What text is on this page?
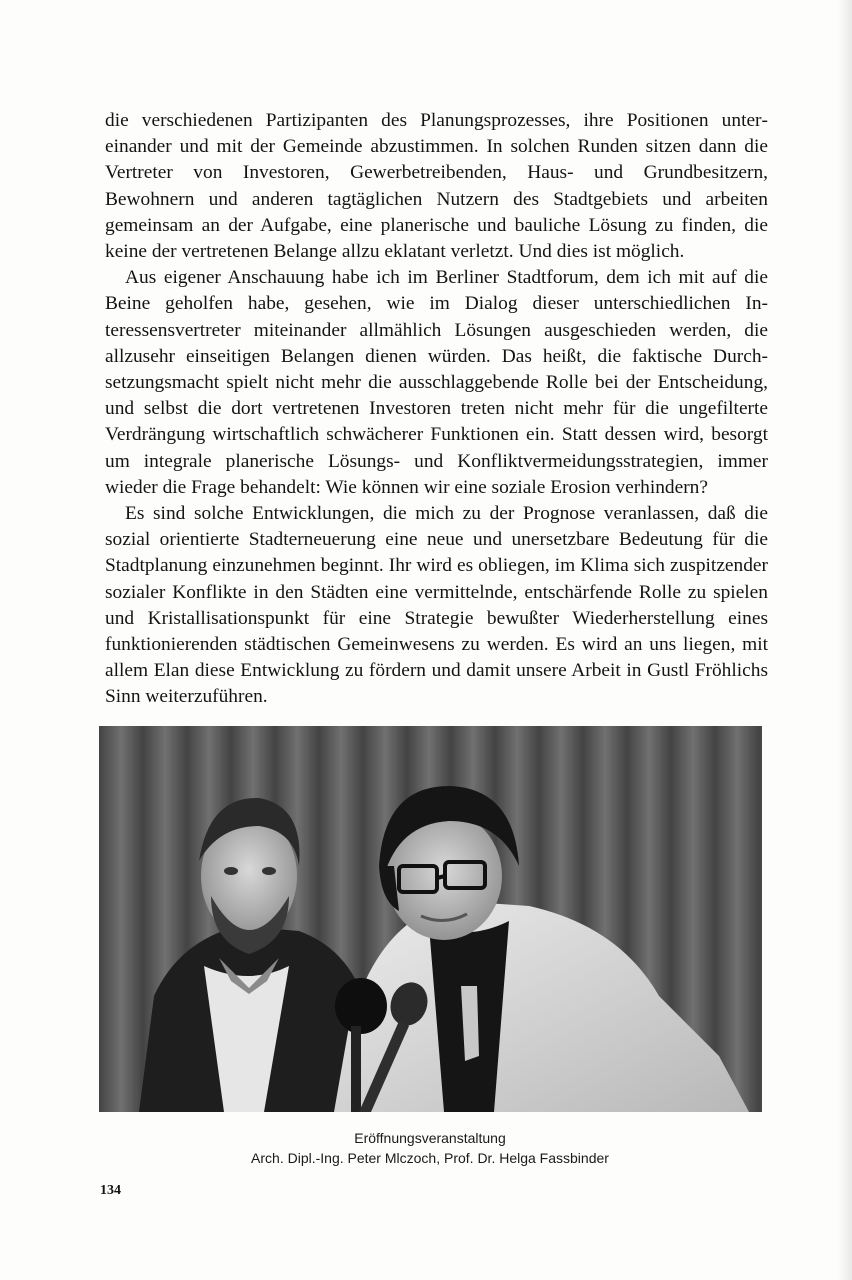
die verschiedenen Partizipanten des Planungsprozesses, ihre Positionen untereinander und mit der Gemeinde abzustimmen. In solchen Runden sitzen dann die Vertreter von Investoren, Gewerbetreibenden, Haus- und Grundbesitzern, Bewohnern und anderen tagtäglichen Nutzern des Stadtgebiets und arbeiten gemeinsam an der Aufgabe, eine planerische und bauliche Lösung zu finden, die keine der vertretenen Belange allzu eklatant verletzt. Und dies ist möglich.

Aus eigener Anschauung habe ich im Berliner Stadtforum, dem ich mit auf die Beine geholfen habe, gesehen, wie im Dialog dieser unterschiedlichen Interessensvertreter miteinander allmählich Lösungen ausgeschieden werden, die allzusehr einseitigen Belangen dienen würden. Das heißt, die faktische Durchsetzungsmacht spielt nicht mehr die ausschlaggebende Rolle bei der Entscheidung, und selbst die dort vertretenen Investoren treten nicht mehr für die ungefilterte Verdrängung wirtschaftlich schwächerer Funktionen ein. Statt dessen wird, besorgt um integrale planerische Lösungs- und Konfliktvermeidungsstrategien, immer wieder die Frage behandelt: Wie können wir eine soziale Erosion verhindern?

Es sind solche Entwicklungen, die mich zu der Prognose veranlassen, daß die sozial orientierte Stadterneuerung eine neue und unersetzbare Bedeutung für die Stadtplanung einzunehmen beginnt. Ihr wird es obliegen, im Klima sich zuspitzender sozialer Konflikte in den Städten eine vermittelnde, entschärfende Rolle zu spielen und Kristallisationspunkt für eine Strategie bewußter Wiederherstellung eines funktionierenden städtischen Gemeinwesens zu werden. Es wird an uns liegen, mit allem Elan diese Entwicklung zu fördern und damit unsere Arbeit in Gustl Fröhlichs Sinn weiterzuführen.

Eröffnungsveranstaltung
Arch. Dipl.-Ing. Peter Mlczoch, Prof. Dr. Helga Fassbinder
134
